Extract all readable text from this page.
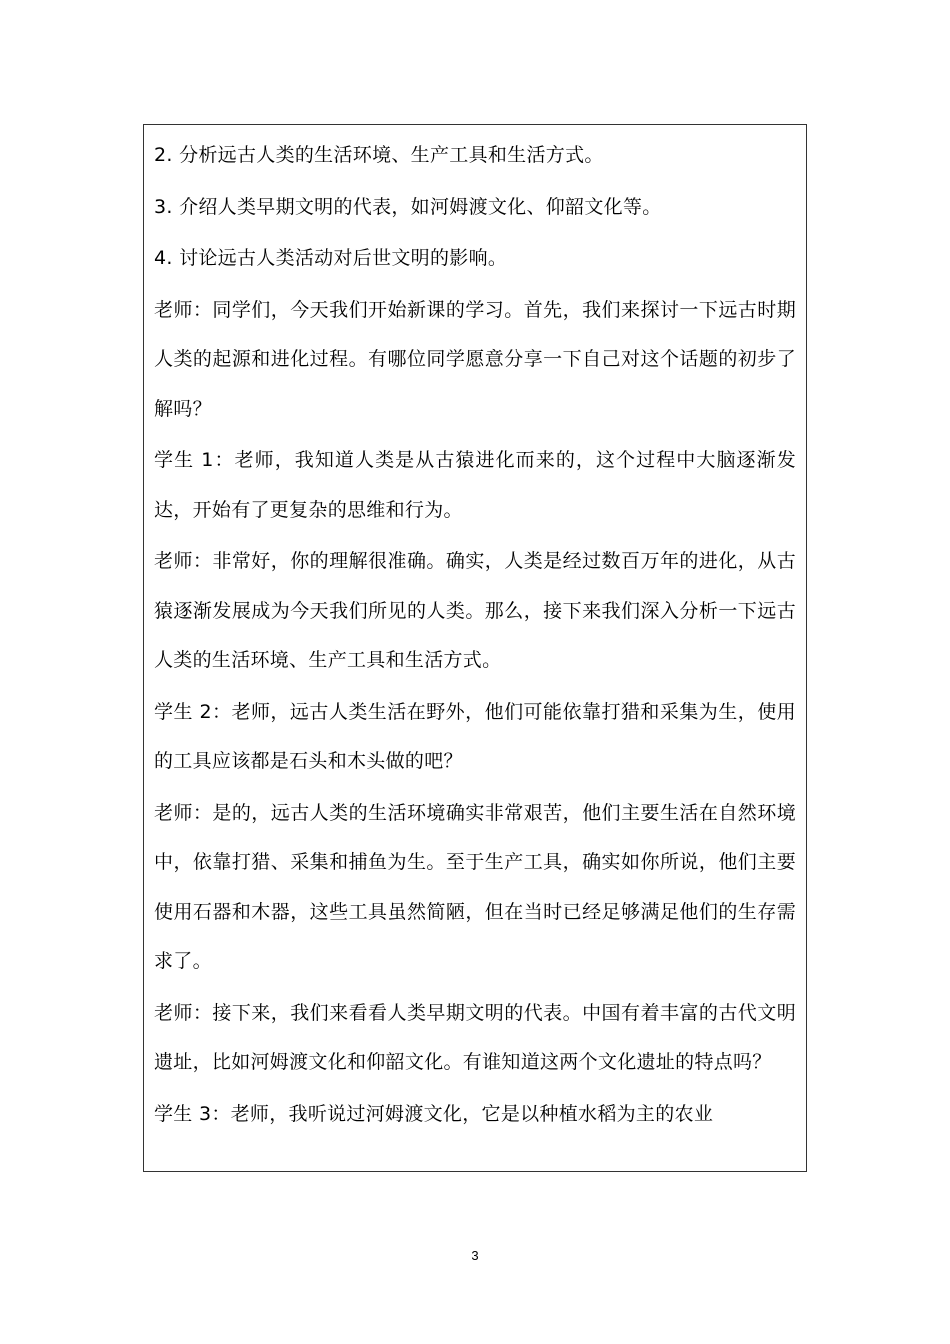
2. 分析远古人类的生活环境、生产工具和生活方式。

3. 介绍人类早期文明的代表，如河姆渡文化、仰韶文化等。

4. 讨论远古人类活动对后世文明的影响。

老师：同学们，今天我们开始新课的学习。首先，我们来探讨一下远古时期人类的起源和进化过程。有哪位同学愿意分享一下自己对这个话题的初步了解吗？

学生 1：老师，我知道人类是从古猿进化而来的，这个过程中大脑逐渐发达，开始有了更复杂的思维和行为。

老师：非常好，你的理解很准确。确实，人类是经过数百万年的进化，从古猿逐渐发展成为今天我们所见的人类。那么，接下来我们深入分析一下远古人类的生活环境、生产工具和生活方式。

学生 2：老师，远古人类生活在野外，他们可能依靠打猎和采集为生，使用的工具应该都是石头和木头做的吧？

老师：是的，远古人类的生活环境确实非常艰苦，他们主要生活在自然环境中，依靠打猎、采集和捕鱼为生。至于生产工具，确实如你所说，他们主要使用石器和木器，这些工具虽然简陋，但在当时已经足够满足他们的生存需求了。

老师：接下来，我们来看看人类早期文明的代表。中国有着丰富的古代文明遗址，比如河姆渡文化和仰韶文化。有谁知道这两个文化遗址的特点吗？

学生 3：老师，我听说过河姆渡文化，它是以种植水稻为主的农业

3
